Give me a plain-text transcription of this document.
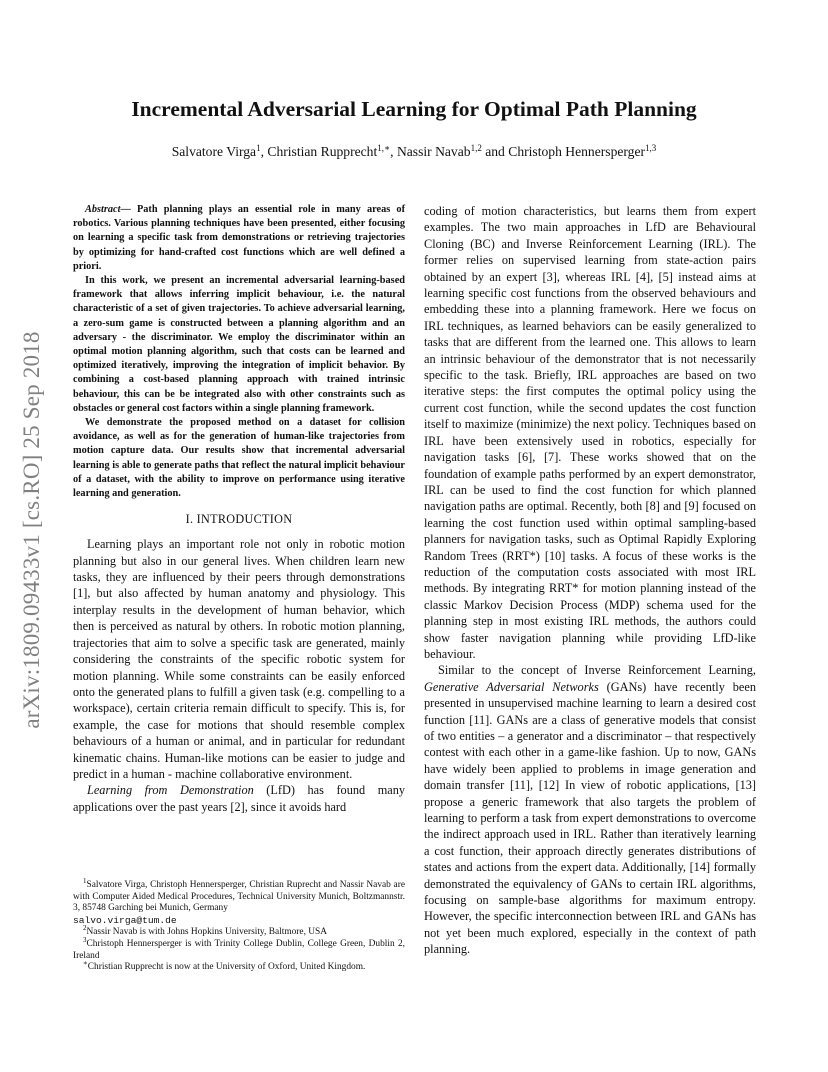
arXiv:1809.09433v1 [cs.RO] 25 Sep 2018
Incremental Adversarial Learning for Optimal Path Planning
Salvatore Virga$^1$, Christian Rupprecht$^{1,∗}$, Nassir Navab$^{1,2}$ and Christoph Hennersperger$^{1,3}$

Abstract— Path planning plays an essential role in many areas of robotics. Various planning techniques have been presented, either focusing on learning a specific task from demonstrations or retrieving trajectories by optimizing for hand-crafted cost functions which are well defined a priori.

In this work, we present an incremental adversarial learning-based framework that allows inferring implicit behaviour, i.e. the natural characteristic of a set of given trajectories. To achieve adversarial learning, a zero-sum game is constructed between a planning algorithm and an adversary - the discriminator. We employ the discriminator within an optimal motion planning algorithm, such that costs can be learned and optimized iteratively, improving the integration of implicit behavior. By combining a cost-based planning approach with trained intrinsic behaviour, this can be be integrated also with other constraints such as obstacles or general cost factors within a single planning framework.

We demonstrate the proposed method on a dataset for collision avoidance, as well as for the generation of human-like trajectories from motion capture data. Our results show that incremental adversarial learning is able to generate paths that reflect the natural implicit behaviour of a dataset, with the ability to improve on performance using iterative learning and generation.

I. INTRODUCTION

Learning plays an important role not only in robotic motion planning but also in our general lives. When children learn new tasks, they are influenced by their peers through demonstrations [1], but also affected by human anatomy and physiology. This interplay results in the development of human behavior, which then is perceived as natural by others. In robotic motion planning, trajectories that aim to solve a specific task are generated, mainly considering the constraints of the specific robotic system for motion planning. While some constraints can be easily enforced onto the generated plans to fulfill a given task (e.g. compelling to a workspace), certain criteria remain difficult to specify. This is, for example, the case for motions that should resemble complex behaviours of a human or animal, and in particular for redundant kinematic chains. Human-like motions can be easier to judge and predict in a human - machine collaborative environment.

Learning from Demonstration (LfD) has found many applications over the past years [2], since it avoids hard

$^1$Salvatore Virga, Christoph Hennersperger, Christian Ruprecht and Nassir Navab are with Computer Aided Medical Procedures, Technical University Munich, Boltzmannstr. 3, 85748 Garching bei Munich, Germany
salvo.virga@tum.de

$^2$Nassir Navab is with Johns Hopkins University, Baltmore, USA

$^3$Christoph Hennersperger is with Trinity College Dublin, College Green, Dublin 2, Ireland

∗Christian Rupprecht is now at the University of Oxford, United Kingdom.

coding of motion characteristics, but learns them from expert examples. The two main approaches in LfD are Behavioural Cloning (BC) and Inverse Reinforcement Learning (IRL). The former relies on supervised learning from state-action pairs obtained by an expert [3], whereas IRL [4], [5] instead aims at learning specific cost functions from the observed behaviours and embedding these into a planning framework. Here we focus on IRL techniques, as learned behaviors can be easily generalized to tasks that are different from the learned one. This allows to learn an intrinsic behaviour of the demonstrator that is not necessarily specific to the task. Briefly, IRL approaches are based on two iterative steps: the first computes the optimal policy using the current cost function, while the second updates the cost function itself to maximize (minimize) the next policy. Techniques based on IRL have been extensively used in robotics, especially for navigation tasks [6], [7]. These works showed that on the foundation of example paths performed by an expert demonstrator, IRL can be used to find the cost function for which planned navigation paths are optimal. Recently, both [8] and [9] focused on learning the cost function used within optimal sampling-based planners for navigation tasks, such as Optimal Rapidly Exploring Random Trees (RRT*) [10] tasks. A focus of these works is the reduction of the computation costs associated with most IRL methods. By integrating RRT* for motion planning instead of the classic Markov Decision Process (MDP) schema used for the planning step in most existing IRL methods, the authors could show faster navigation planning while providing LfD-like behaviour.

Similar to the concept of Inverse Reinforcement Learning, Generative Adversarial Networks (GANs) have recently been presented in unsupervised machine learning to learn a desired cost function [11]. GANs are a class of generative models that consist of two entities – a generator and a discriminator – that respectively contest with each other in a game-like fashion. Up to now, GANs have widely been applied to problems in image generation and domain transfer [11], [12] In view of robotic applications, [13] propose a generic framework that also targets the problem of learning to perform a task from expert demonstrations to overcome the indirect approach used in IRL. Rather than iteratively learning a cost function, their approach directly generates distributions of states and actions from the expert data. Additionally, [14] formally demonstrated the equivalency of GANs to certain IRL algorithms, focusing on sample-base algorithms for maximum entropy. However, the specific interconnection between IRL and GANs has not yet been much explored, especially in the context of path planning.
